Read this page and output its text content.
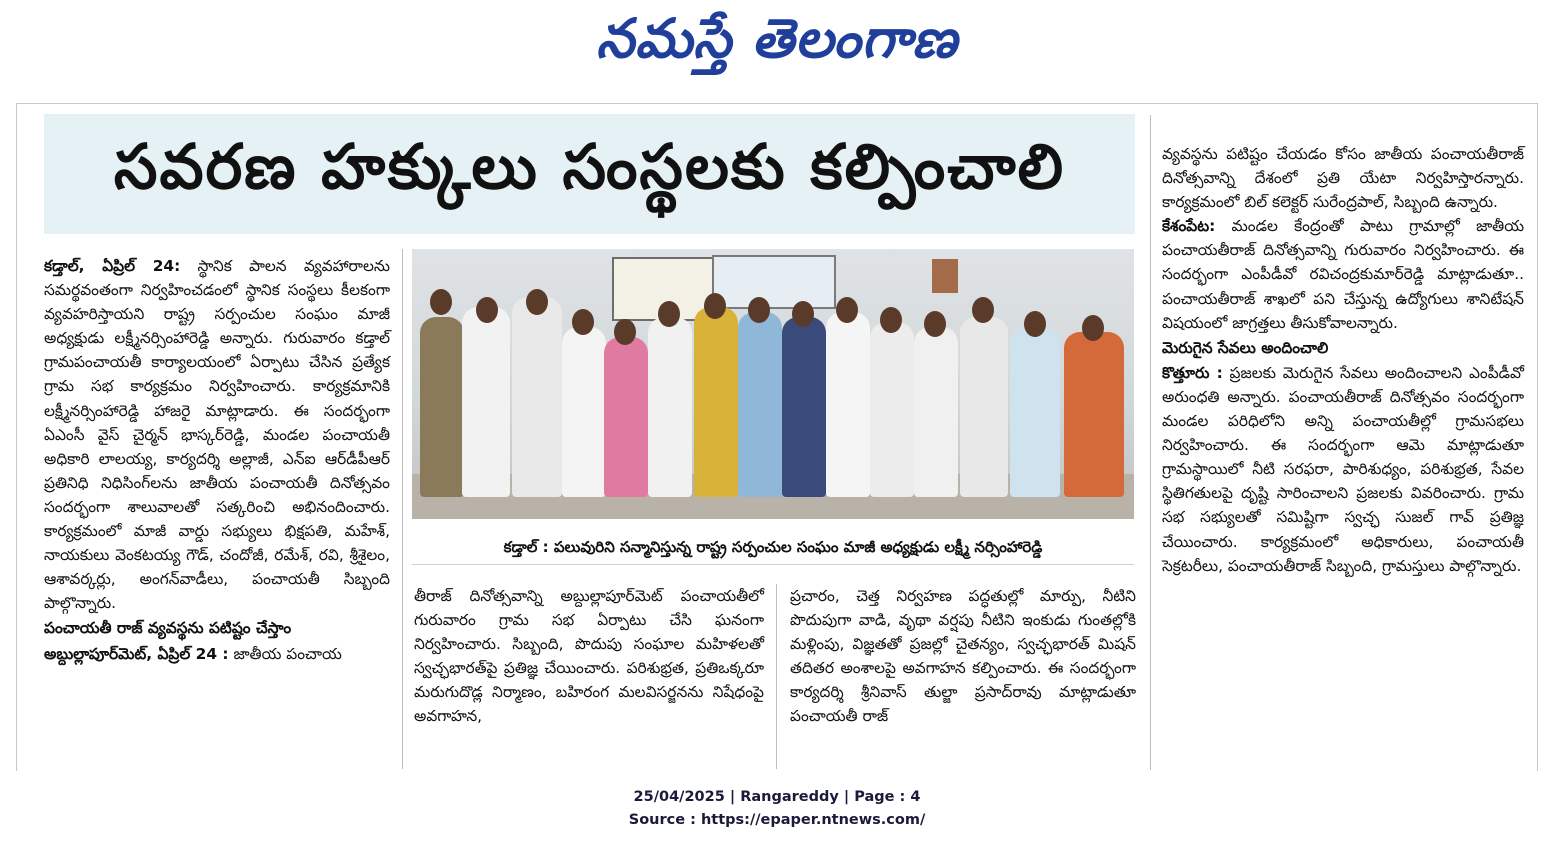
నమస్తే తెలంగాణ
సవరణ హక్కులు సంస్థలకు కల్పించాలి

కడ్తాల్, ఏప్రిల్ 24: స్థానిక పాలన వ్యవహారాలను సమర్థవంతంగా నిర్వహించడంలో స్థానిక సంస్థలు కీలకంగా వ్యవహరిస్తాయని రాష్ట్ర సర్పంచుల సంఘం మాజీ అధ్యక్షుడు లక్ష్మీనర్సింహారెడ్డి అన్నారు. గురువారం కడ్తాల్ గ్రామపంచాయతీ కార్యాలయంలో ఏర్పాటు చేసిన ప్రత్యేక గ్రామ సభ కార్యక్రమం నిర్వహించారు. కార్యక్రమానికి లక్ష్మీనర్సింహారెడ్డి హాజరై మాట్లాడారు. ఈ సందర్భంగా ఏఎంసీ వైస్ చైర్మన్ భాస్కర్‌రెడ్డి, మండల పంచాయతీ అధికారి లాలయ్య, కార్యదర్శి అల్లాజీ, ఎన్ఐ ఆర్‌డీపీఆర్ ప్రతినిధి నిధిసింగ్‌లను జాతీయ పంచాయతీ దినోత్సవం సందర్భంగా శాలువాలతో సత్కరించి అభినందించారు. కార్యక్రమంలో మాజీ వార్డు సభ్యులు భిక్షపతి, మహేశ్, నాయకులు వెంకటయ్య గౌడ్, చందోజీ, రమేశ్, రవి, శ్రీశైలం, ఆశావర్కర్లు, అంగన్‌వాడీలు, పంచాయతీ సిబ్బంది పాల్గొన్నారు.

పంచాయతీ రాజ్ వ్యవస్థను పటిష్టం చేస్తాం

అబ్దుల్లాపూర్‌మెట్, ఏప్రిల్ 24 : జాతీయ పంచాయ

కడ్తాల్ : పలువురిని సన్మానిస్తున్న రాష్ట్ర సర్పంచుల సంఘం మాజీ అధ్యక్షుడు లక్ష్మీ నర్సింహారెడ్డి

తీరాజ్ దినోత్సవాన్ని అబ్దుల్లాపూర్‌మెట్ పంచాయతీలో గురువారం గ్రామ సభ ఏర్పాటు చేసి ఘనంగా నిర్వహించారు. సిబ్బంది, పొదుపు సంఘాల మహిళలతో స్వచ్ఛభారత్‌పై ప్రతిజ్ఞ చేయించారు. పరిశుభ్రత, ప్రతిఒక్కరూ మరుగుదొడ్ల నిర్మాణం, బహిరంగ మలవిసర్జనను నిషేధంపై అవగాహన,

ప్రచారం, చెత్త నిర్వహణ పద్ధతుల్లో మార్పు, నీటిని పొదుపుగా వాడి, వృథా వర్షపు నీటిని ఇంకుడు గుంతల్లోకి మళ్లింపు, విజ్ఞతతో ప్రజల్లో చైతన్యం, స్వచ్ఛభారత్ మిషన్ తదితర అంశాలపై అవగాహన కల్పించారు. ఈ సందర్భంగా కార్యదర్శి శ్రీనివాస్ తుల్జా ప్రసాద్‌రావు మాట్లాడుతూ పంచాయతీ రాజ్

వ్యవస్థను పటిష్టం చేయడం కోసం జాతీయ పంచాయతీరాజ్ దినోత్సవాన్ని దేశంలో ప్రతి యేటా నిర్వహిస్తారన్నారు. కార్యక్రమంలో బిల్ కలెక్టర్ సురేంద్రపాల్, సిబ్బంది ఉన్నారు.

కేశంపేట: మండల కేంద్రంతో పాటు గ్రామాల్లో జాతీయ పంచాయతీరాజ్ దినోత్సవాన్ని గురువారం నిర్వహించారు. ఈ సందర్భంగా ఎంపీడీవో రవిచంద్రకుమార్‌రెడ్డి మాట్లాడుతూ.. పంచాయతీరాజ్ శాఖలో పని చేస్తున్న ఉద్యోగులు శానిటేషన్ విషయంలో జాగ్రత్తలు తీసుకోవాలన్నారు.

మెరుగైన సేవలు అందించాలి

కొత్తూరు : ప్రజలకు మెరుగైన సేవలు అందించాలని ఎంపీడీవో అరుంధతి అన్నారు. పంచాయతీరాజ్ దినోత్సవం సందర్భంగా మండల పరిధిలోని అన్ని పంచాయతీల్లో గ్రామసభలు నిర్వహించారు. ఈ సందర్భంగా ఆమె మాట్లాడుతూ గ్రామస్థాయిలో నీటి సరఫరా, పారిశుధ్యం, పరిశుభ్రత, సేవల స్థితిగతులపై దృష్టి సారించాలని ప్రజలకు వివరించారు. గ్రామ సభ సభ్యులతో సమిష్టిగా స్వచ్ఛ సుజల్ గావ్ ప్రతిజ్ఞ చేయించారు. కార్యక్రమంలో అధికారులు, పంచాయతీ సెక్రటరీలు, పంచాయతీరాజ్ సిబ్బంది, గ్రామస్తులు పాల్గొన్నారు.

25/04/2025 | Rangareddy | Page : 4
Source : https://epaper.ntnews.com/
